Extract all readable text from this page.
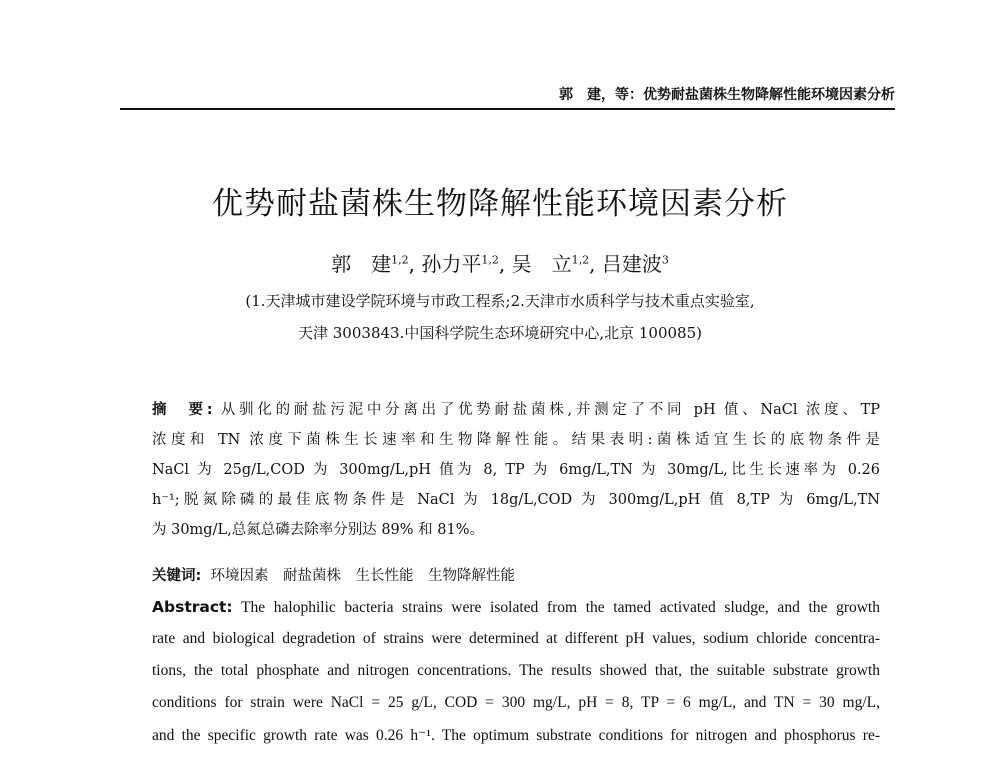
郭　建，等：优势耐盐菌株生物降解性能环境因素分析
优势耐盐菌株生物降解性能环境因素分析
郭　建$^{1,2}$, 孙力平$^{1,2}$, 吴　立$^{1,2}$, 吕建波$^3$
(1.天津城市建设学院环境与市政工程系;2.天津市水质科学与技术重点实验室,
天津 3003843.中国科学院生态环境研究中心,北京 100085)
摘　要: 从驯化的耐盐污泥中分离出了优势耐盐菌株,并测定了不同 pH 值、NaCl 浓度、TP
浓度和 TN 浓度下菌株生长速率和生物降解性能。结果表明:菌株适宜生长的底物条件是
NaCl 为 25g/L,COD 为 300mg/L,pH 值为 8, TP 为 6mg/L,TN 为 30mg/L,比生长速率为 0.26
h⁻¹;脱氮除磷的最佳底物条件是 NaCl 为 18g/L,COD 为 300mg/L,pH 值 8,TP 为 6mg/L,TN
为 30mg/L,总氮总磷去除率分别达 89% 和 81%。
关键词: 环境因素　耐盐菌株　生长性能　生物降解性能
Abstract: The halophilic bacteria strains were isolated from the tamed activated sludge, and the growth
rate and biological degradetion of strains were determined at different pH values, sodium chloride concentra-
tions, the total phosphate and nitrogen concentrations. The results showed that, the suitable substrate growth
conditions for strain were NaCl = 25 g/L, COD = 300 mg/L, pH = 8, TP = 6 mg/L, and TN = 30 mg/L,
and the specific growth rate was 0.26 h⁻¹. The optimum substrate conditions for nitrogen and phosphorus re-
